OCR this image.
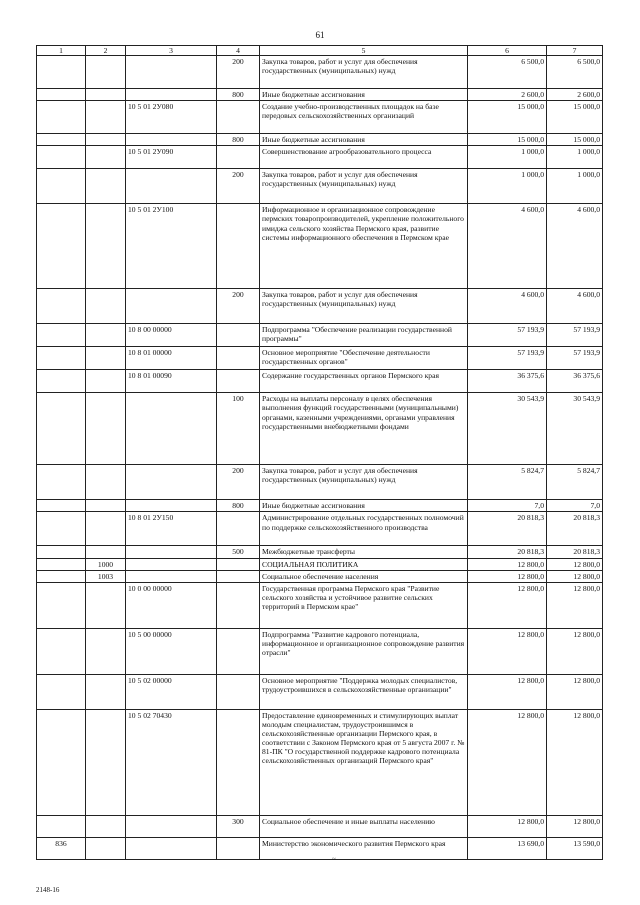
61
1	2	3	4	5	6	7
			200	Закупка товаров, работ и услуг для обеспечения государственных (муниципальных) нужд	6 500,0	6 500,0
			800	Иные бюджетные ассигнования	2 600,0	2 600,0
		10 5 01 2У080		Создание учебно-производственных площадок на базе передовых сельскохозяйственных организаций	15 000,0	15 000,0
			800	Иные бюджетные ассигнования	15 000,0	15 000,0
		10 5 01 2У090		Совершенствование агрообразовательного процесса	1 000,0	1 000,0
			200	Закупка товаров, работ и услуг для обеспечения государственных (муниципальных) нужд	1 000,0	1 000,0
		10 5 01 2У100		Информационное и организационное сопровождение пермских товаропроизводителей, укрепление положительного имиджа сельского хозяйства Пермского края, развитие системы информационного обеспечения в Пермском крае	4 600,0	4 600,0
			200	Закупка товаров, работ и услуг для обеспечения государственных (муниципальных) нужд	4 600,0	4 600,0
		10 8 00 00000		Подпрограмма "Обеспечение реализации государственной программы"	57 193,9	57 193,9
		10 8 01 00000		Основное мероприятие "Обеспечение деятельности государственных органов"	57 193,9	57 193,9
		10 8 01 00090		Содержание государственных органов Пермского края	36 375,6	36 375,6
			100	Расходы на выплаты персоналу в целях обеспечения выполнения функций государственными (муниципальными) органами, казенными учреждениями, органами управления государственными внебюджетными фондами	30 543,9	30 543,9
			200	Закупка товаров, работ и услуг для обеспечения государственных (муниципальных) нужд	5 824,7	5 824,7
			800	Иные бюджетные ассигнования	7,0	7,0
		10 8 01 2У150		Администрирование отдельных государственных полномочий по поддержке сельскохозяйственного производства	20 818,3	20 818,3
			500	Межбюджетные трансферты	20 818,3	20 818,3
	1000			СОЦИАЛЬНАЯ ПОЛИТИКА	12 800,0	12 800,0
	1003			Социальное обеспечение населения	12 800,0	12 800,0
		10 0 00 00000		Государственная программа Пермского края "Развитие сельского хозяйства и устойчивое развитие сельских территорий в Пермском крае"	12 800,0	12 800,0
		10 5 00 00000		Подпрограмма "Развитие кадрового потенциала, информационное и организационное сопровождение развития отрасли"	12 800,0	12 800,0
		10 5 02 00000		Основное мероприятие "Поддержка молодых специалистов, трудоустроившихся в сельскохозяйственные организации"	12 800,0	12 800,0
		10 5 02 70430		Предоставление единовременных и стимулирующих выплат молодым специалистам, трудоустроившимся в сельскохозяйственные организации Пермского края, в соответствии с Законом Пермского края от 5 августа 2007 г. № 81-ПК "О государственной поддержке кадрового потенциала сельскохозяйственных организаций Пермского края"	12 800,0	12 800,0
			300	Социальное обеспечение и иные выплаты населению	12 800,0	12 800,0
836				Министерство экономического развития Пермского края	13 690,0	13 590,0
~
2148-16
